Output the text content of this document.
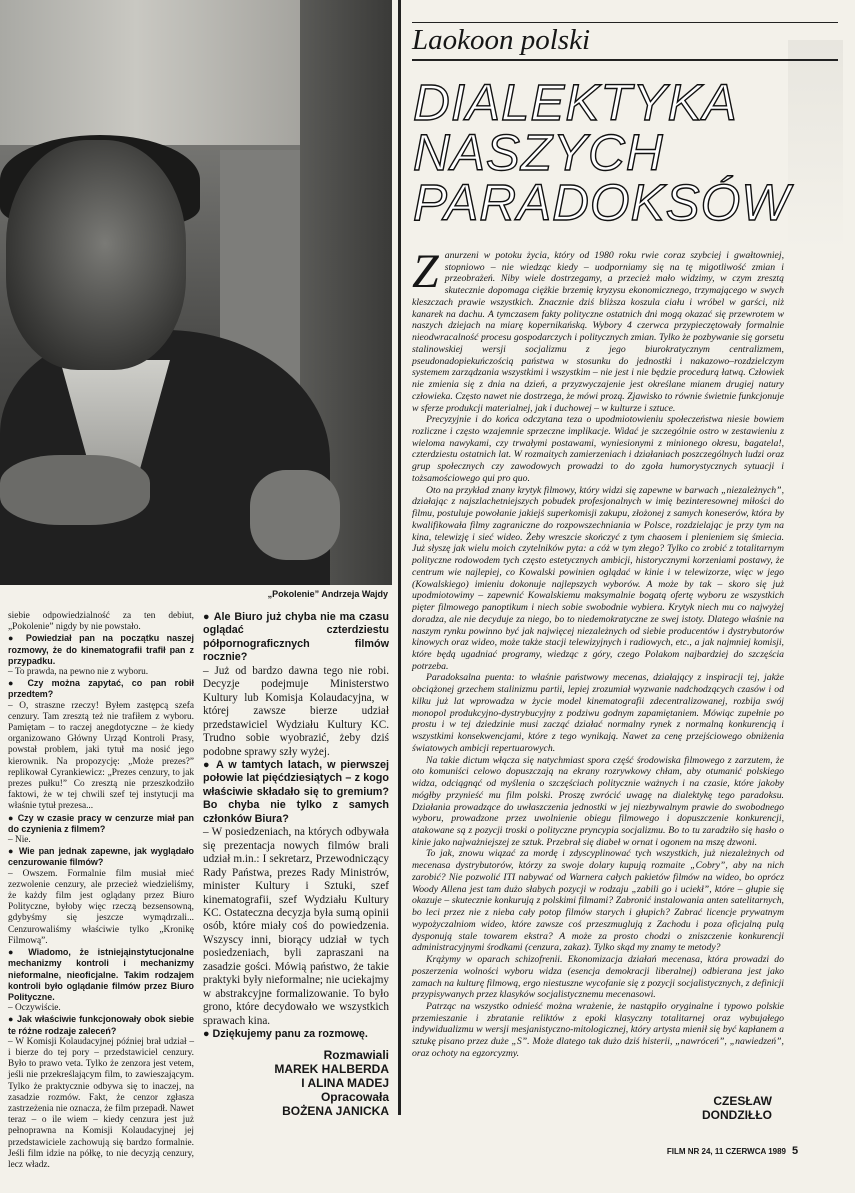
„Pokolenie” Andrzeja Wajdy

siebie odpowiedzialność za ten debiut, „Pokolenie” nigdy by nie powstało.

● Powiedział pan na początku naszej rozmowy, że do kinematografii trafił pan z przypadku.

– To prawda, na pewno nie z wyboru.

● Czy można zapytać, co pan robił przedtem?

– O, straszne rzeczy! Byłem zastępcą szefa cenzury. Tam zresztą też nie trafiłem z wyboru. Pamiętam – to raczej anegdotyczne – że kiedy organizowano Główny Urząd Kontroli Prasy, powstał problem, jaki tytuł ma nosić jego kierownik. Na propozycję: „Może prezes?” replikował Cyrankiewicz: „Prezes cenzury, to jak prezes pułku!” Co zresztą nie przeszkodziło faktowi, że w tej chwili szef tej instytucji ma właśnie tytuł prezesa...

● Czy w czasie pracy w cenzurze miał pan do czynienia z filmem?

– Nie.

● Wie pan jednak zapewne, jak wyglądało cenzurowanie filmów?

– Owszem. Formalnie film musiał mieć zezwolenie cenzury, ale przecież wiedzieliśmy, że każdy film jest oglądany przez Biuro Polityczne, byłoby więc rzeczą bezsensowną, gdybyśmy się jeszcze wymądrzali... Cenzurowaliśmy właściwie tylko „Kronikę Filmową”.

● Wiadomo, że istniejąinstytucjonalne mechanizmy kontroli i mechanizmy nieformalne, nieoficjalne. Takim rodzajem kontroli było oglądanie filmów przez Biuro Polityczne.

– Oczywiście.

● Jak właściwie funkcjonowały obok siebie te różne rodzaje zaleceń?

– W Komisji Kolaudacyjnej później brał udział – i bierze do tej pory – przedstawiciel cenzury. Było to prawo veta. Tylko że zenzora jest vetem, jeśli nie przekreślającym film, to zawieszającym. Tylko że praktycznie odbywa się to inaczej, na zasadzie rozmów. Fakt, że cenzor zgłasza zastrzeżenia nie oznacza, że film przepadł. Nawet teraz – o ile wiem – kiedy cenzura jest już pełnoprawna na Komisji Kolaudacyjnej jej przedstawiciele zachowują się bardzo formalnie. Jeśli film idzie na półkę, to nie decyzją cenzury, lecz władz.

● Ale Biuro już chyba nie ma czasu oglądać czterdziestu półpornograficznych filmów rocznie?

– Już od bardzo dawna tego nie robi. Decyzje podejmuje Ministerstwo Kultury lub Komisja Kolaudacyjna, w której zawsze bierze udział przedstawiciel Wydziału Kultury KC. Trudno sobie wyobrazić, żeby dziś podobne sprawy szły wyżej.

● A w tamtych latach, w pierwszej połowie lat pięćdziesiątych – z kogo właściwie składało się to gremium? Bo chyba nie tylko z samych członków Biura?

– W posiedzeniach, na których odbywała się prezentacja nowych filmów brali udział m.in.: I sekretarz, Przewodniczący Rady Państwa, prezes Rady Ministrów, minister Kultury i Sztuki, szef kinematografii, szef Wydziału Kultury KC. Ostateczna decyzja była sumą opinii osób, które miały coś do powiedzenia. Wszyscy inni, biorący udział w tych posiedzeniach, byli zapraszani na zasadzie gości. Mówią państwo, że takie praktyki były nieformalne; nie uciekajmy w abstrakcyjne formalizowanie. To było grono, które decydowało we wszystkich sprawach kina.

● Dziękujemy panu za rozmowę.

Rozmawiali
MAREK HALBERDA
I ALINA MADEJ
Opracowała
BOŻENA JANICKA
Laokoon polski
DIALEKTYKA
NASZYCH
PARADOKSÓW

Zanurzeni w potoku życia, który od 1980 roku rwie coraz szybciej i gwałtowniej, stopniowo – nie wiedząc kiedy – uodporniamy się na tę migotliwość zmian i przeobrażeń. Niby wiele dostrzegamy, a przecież mało widzimy, w czym zresztą skutecznie dopomaga ciężkie brzemię kryzysu ekonomicznego, trzymającego w swych kleszczach prawie wszystkich. Znacznie dziś bliższa koszula ciału i wróbel w garści, niż kanarek na dachu. A tymczasem fakty polityczne ostatnich dni mogą okazać się przewrotem w naszych dziejach na miarę kopernikańską. Wybory 4 czerwca przypieczętowały formalnie nieodwracalność procesu gospodarczych i politycznych zmian. Tylko że pozbywanie się gorsetu stalinowskiej wersji socjalizmu z jego biurokratycznym centralizmem, pseudonadopiekuńczością państwa w stosunku do jednostki i nakazowo–rozdzielczym systemem zarządzania wszystkimi i wszystkim – nie jest i nie będzie procedurą łatwą. Człowiek nie zmienia się z dnia na dzień, a przyzwyczajenie jest określane mianem drugiej natury człowieka. Często nawet nie dostrzega, że mówi prozą. Zjawisko to równie świetnie funkcjonuje w sferze produkcji materialnej, jak i duchowej – w kulturze i sztuce.

Precyzyjnie i do końca odczytana teza o upodmiotowieniu społeczeństwa niesie bowiem rozliczne i często wzajemnie sprzeczne implikacje. Widać je szczególnie ostro w zestawieniu z wieloma nawykami, czy trwałymi postawami, wyniesionymi z minionego okresu, bagatela!, czterdziestu ostatnich lat. W rozmaitych zamierzeniach i działaniach poszczególnych ludzi oraz grup społecznych czy zawodowych prowadzi to do zgoła humorystycznych sytuacji i tożsamościowego qui pro quo.

Oto na przykład znany krytyk filmowy, który widzi się zapewne w barwach „niezależnych”, działając z najszlachetniejszych pobudek profesjonalnych w imię bezinteresownej miłości do filmu, postuluje powołanie jakiejś superkomisji zakupu, złożonej z samych koneserów, która by kwalifikowała filmy zagraniczne do rozpowszechniania w Polsce, rozdzielając je przy tym na kina, telewizję i sieć wideo. Żeby wreszcie skończyć z tym chaosem i plenieniem się śmiecia. Już słyszę jak wielu moich czytelników pyta: a cóż w tym złego? Tylko co zrobić z totalitarnym polityczne rodowodem tych często estetycznych ambicji, historycznymi korzeniami postawy, że centrum wie najlepiej, co Kowalski powinien oglądać w kinie i w telewizorze, więc w jego (Kowalskiego) imieniu dokonuje najlepszych wyborów. A może by tak – skoro się już upodmiotowimy – zapewnić Kowalskiemu maksymalnie bogatą ofertę wyboru ze wszystkich pięter filmowego panoptikum i niech sobie swobodnie wybiera. Krytyk niech mu co najwyżej doradza, ale nie decyduje za niego, bo to niedemokratyczne ze swej istoty. Dlatego właśnie na naszym rynku powinno być jak najwięcej niezależnych od siebie producentów i dystrybutorów kinowych oraz wideo, może także stacji telewizyjnych i radiowych, etc., a jak najmniej komisji, które będą ugadniać programy, wiedząc z góry, czego Polakom najbardziej do szczęścia potrzeba.

Paradoksalna puenta: to właśnie państwowy mecenas, działający z inspiracji tej, jakże obciążonej grzechem stalinizmu partii, lepiej zrozumiał wyzwanie nadchodzących czasów i od kilku już lat wprowadza w życie model kinematografii zdecentralizowanej, rozbija swój monopol produkcyjno-dystrybucyjny z podziwu godnym zapamiętaniem. Mówiąc zupełnie po prostu i w tej dziedzinie musi zacząć działać normalny rynek z normalną konkurencją i wszystkimi konsekwencjami, które z tego wynikają. Nawet za cenę przejściowego obniżenia światowych ambicji repertuarowych.

Na takie dictum włącza się natychmiast spora część środowiska filmowego z zarzutem, że oto komuniści celowo dopuszczają na ekrany rozrywkowy chłam, aby otumanić polskiego widza, odciągnąć od myślenia o szczęściach politycznie ważnych i na czasie, które jakoby mógłby przynieść mu film polski. Proszę zwrócić uwagę na dialektykę tego paradoksu. Działania prowadzące do uwłaszczenia jednostki w jej niezbywalnym prawie do swobodnego wyboru, prowadzone przez uwolnienie obiegu filmowego i dopuszczenie konkurencji, atakowane są z pozycji troski o polityczne pryncypia socjalizmu. Bo to tu zaradziło się hasło o kinie jako najważniejszej ze sztuk. Przebrał się diabeł w ornat i ogonem na mszę dzwoni.

To jak, znowu wiązać za mordę i zdyscyplinować tych wszystkich, już niezależnych od mecenasa dystrybutorów, którzy za swoje dolary kupują rozmaite „Cobry”, aby na nich zarobić? Nie pozwolić ITI nabywać od Warnera całych pakietów filmów na wideo, bo oprócz Woody Allena jest tam dużo słabych pozycji w rodzaju „zabili go i uciekł”, które – głupie się okazuje – skutecznie konkurują z polskimi filmami? Zabronić instalowania anten satelitarnych, bo leci przez nie z nieba cały potop filmów starych i głupich? Zabrać licencje prywatnym wypożyczalniom wideo, które zawsze coś przeszmuglują z Zachodu i poza oficjalną pulą dysponują stale towarem ekstra? A może za prosto chodzi o zniszczenie konkurencji administracyjnymi środkami (cenzura, zakaz). Tylko skąd my znamy te metody?

Krążymy w oparach schizofrenii. Ekonomizacja działań mecenasa, która prowadzi do poszerzenia wolności wyboru widza (esencja demokracji liberalnej) odbierana jest jako zamach na kulturę filmową, ergo niestuszne wycofanie się z pozycji socjalistycznych, z definicji przypisywanych przez klasyków socjalistycznemu mecenasowi.

Patrząc na wszystko odnieść można wrażenie, że nastąpiło oryginalne i typowo polskie przemieszanie i zbratanie reliktów z epoki klasyczny totalitarnej oraz wybujałego indywidualizmu w wersji mesjanistyczno-mitologicznej, który artysta mienił się być kapłanem a sztukę pisano przez duże „S”. Może dlatego tak dużo dziś histerii, „nawróceń”, „nawiedzeń”, oraz ochoty na egzorcyzmy.

CZESŁAW
DONDZIŁŁO
FILM NR 24, 11 CZERWCA 1989 5
